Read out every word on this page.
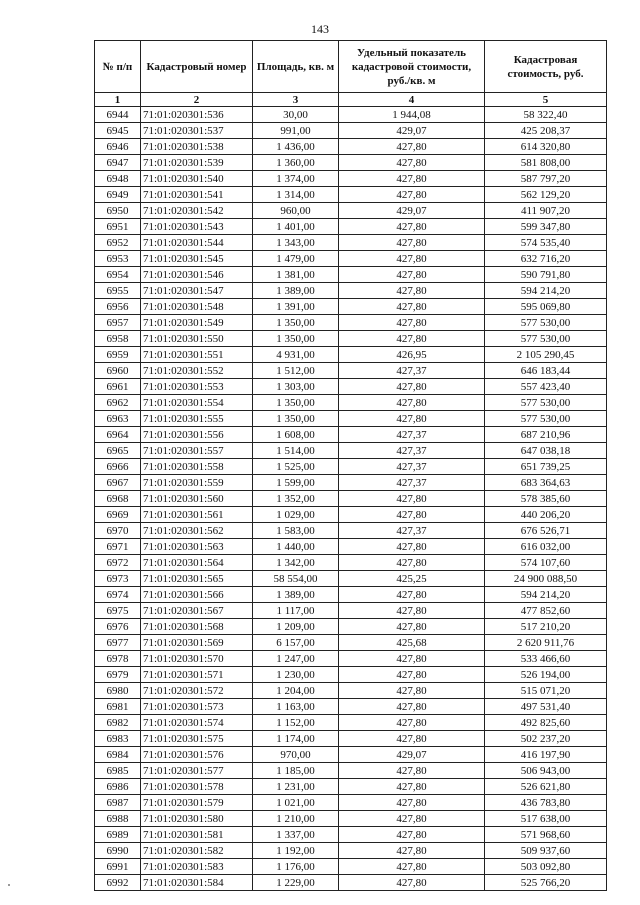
143
№ п/п	Кадастровый номер	Площадь, кв. м	Удельный показатель кадастровой стоимости, руб./кв. м	Кадастровая стоимость, руб.
1	2	3	4	5
6944	71:01:020301:536	30,00	1 944,08	58 322,40
6945	71:01:020301:537	991,00	429,07	425 208,37
6946	71:01:020301:538	1 436,00	427,80	614 320,80
6947	71:01:020301:539	1 360,00	427,80	581 808,00
6948	71:01:020301:540	1 374,00	427,80	587 797,20
6949	71:01:020301:541	1 314,00	427,80	562 129,20
6950	71:01:020301:542	960,00	429,07	411 907,20
6951	71:01:020301:543	1 401,00	427,80	599 347,80
6952	71:01:020301:544	1 343,00	427,80	574 535,40
6953	71:01:020301:545	1 479,00	427,80	632 716,20
6954	71:01:020301:546	1 381,00	427,80	590 791,80
6955	71:01:020301:547	1 389,00	427,80	594 214,20
6956	71:01:020301:548	1 391,00	427,80	595 069,80
6957	71:01:020301:549	1 350,00	427,80	577 530,00
6958	71:01:020301:550	1 350,00	427,80	577 530,00
6959	71:01:020301:551	4 931,00	426,95	2 105 290,45
6960	71:01:020301:552	1 512,00	427,37	646 183,44
6961	71:01:020301:553	1 303,00	427,80	557 423,40
6962	71:01:020301:554	1 350,00	427,80	577 530,00
6963	71:01:020301:555	1 350,00	427,80	577 530,00
6964	71:01:020301:556	1 608,00	427,37	687 210,96
6965	71:01:020301:557	1 514,00	427,37	647 038,18
6966	71:01:020301:558	1 525,00	427,37	651 739,25
6967	71:01:020301:559	1 599,00	427,37	683 364,63
6968	71:01:020301:560	1 352,00	427,80	578 385,60
6969	71:01:020301:561	1 029,00	427,80	440 206,20
6970	71:01:020301:562	1 583,00	427,37	676 526,71
6971	71:01:020301:563	1 440,00	427,80	616 032,00
6972	71:01:020301:564	1 342,00	427,80	574 107,60
6973	71:01:020301:565	58 554,00	425,25	24 900 088,50
6974	71:01:020301:566	1 389,00	427,80	594 214,20
6975	71:01:020301:567	1 117,00	427,80	477 852,60
6976	71:01:020301:568	1 209,00	427,80	517 210,20
6977	71:01:020301:569	6 157,00	425,68	2 620 911,76
6978	71:01:020301:570	1 247,00	427,80	533 466,60
6979	71:01:020301:571	1 230,00	427,80	526 194,00
6980	71:01:020301:572	1 204,00	427,80	515 071,20
6981	71:01:020301:573	1 163,00	427,80	497 531,40
6982	71:01:020301:574	1 152,00	427,80	492 825,60
6983	71:01:020301:575	1 174,00	427,80	502 237,20
6984	71:01:020301:576	970,00	429,07	416 197,90
6985	71:01:020301:577	1 185,00	427,80	506 943,00
6986	71:01:020301:578	1 231,00	427,80	526 621,80
6987	71:01:020301:579	1 021,00	427,80	436 783,80
6988	71:01:020301:580	1 210,00	427,80	517 638,00
6989	71:01:020301:581	1 337,00	427,80	571 968,60
6990	71:01:020301:582	1 192,00	427,80	509 937,60
6991	71:01:020301:583	1 176,00	427,80	503 092,80
6992	71:01:020301:584	1 229,00	427,80	525 766,20
